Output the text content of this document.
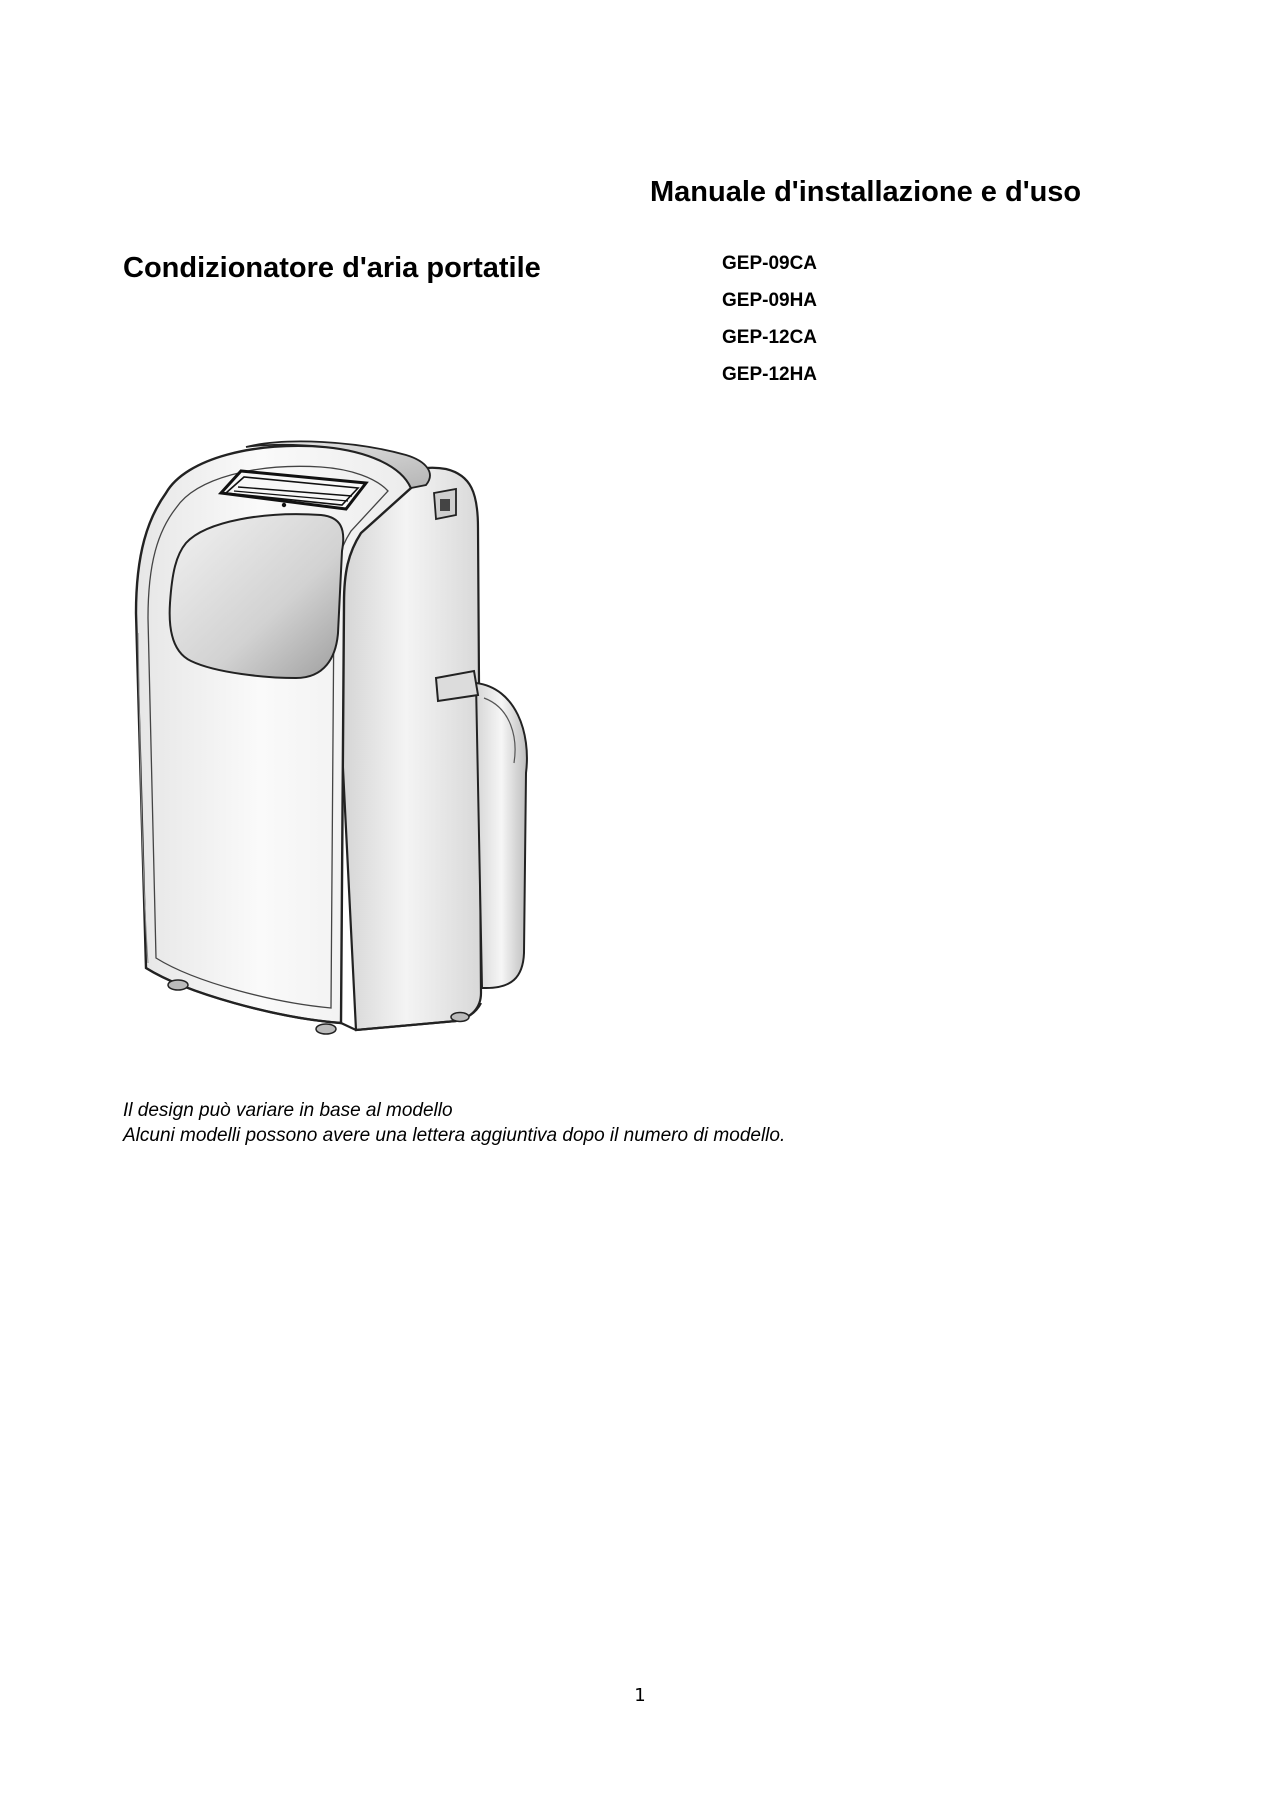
Manuale d'installazione e d'uso
Condizionatore d'aria portatile	GEP-09CA
GEP-09HA
GEP-12CA
GEP-12HA
Il design può variare in base al modello
Alcuni modelli possono avere una lettera aggiuntiva dopo il numero di modello.
1
